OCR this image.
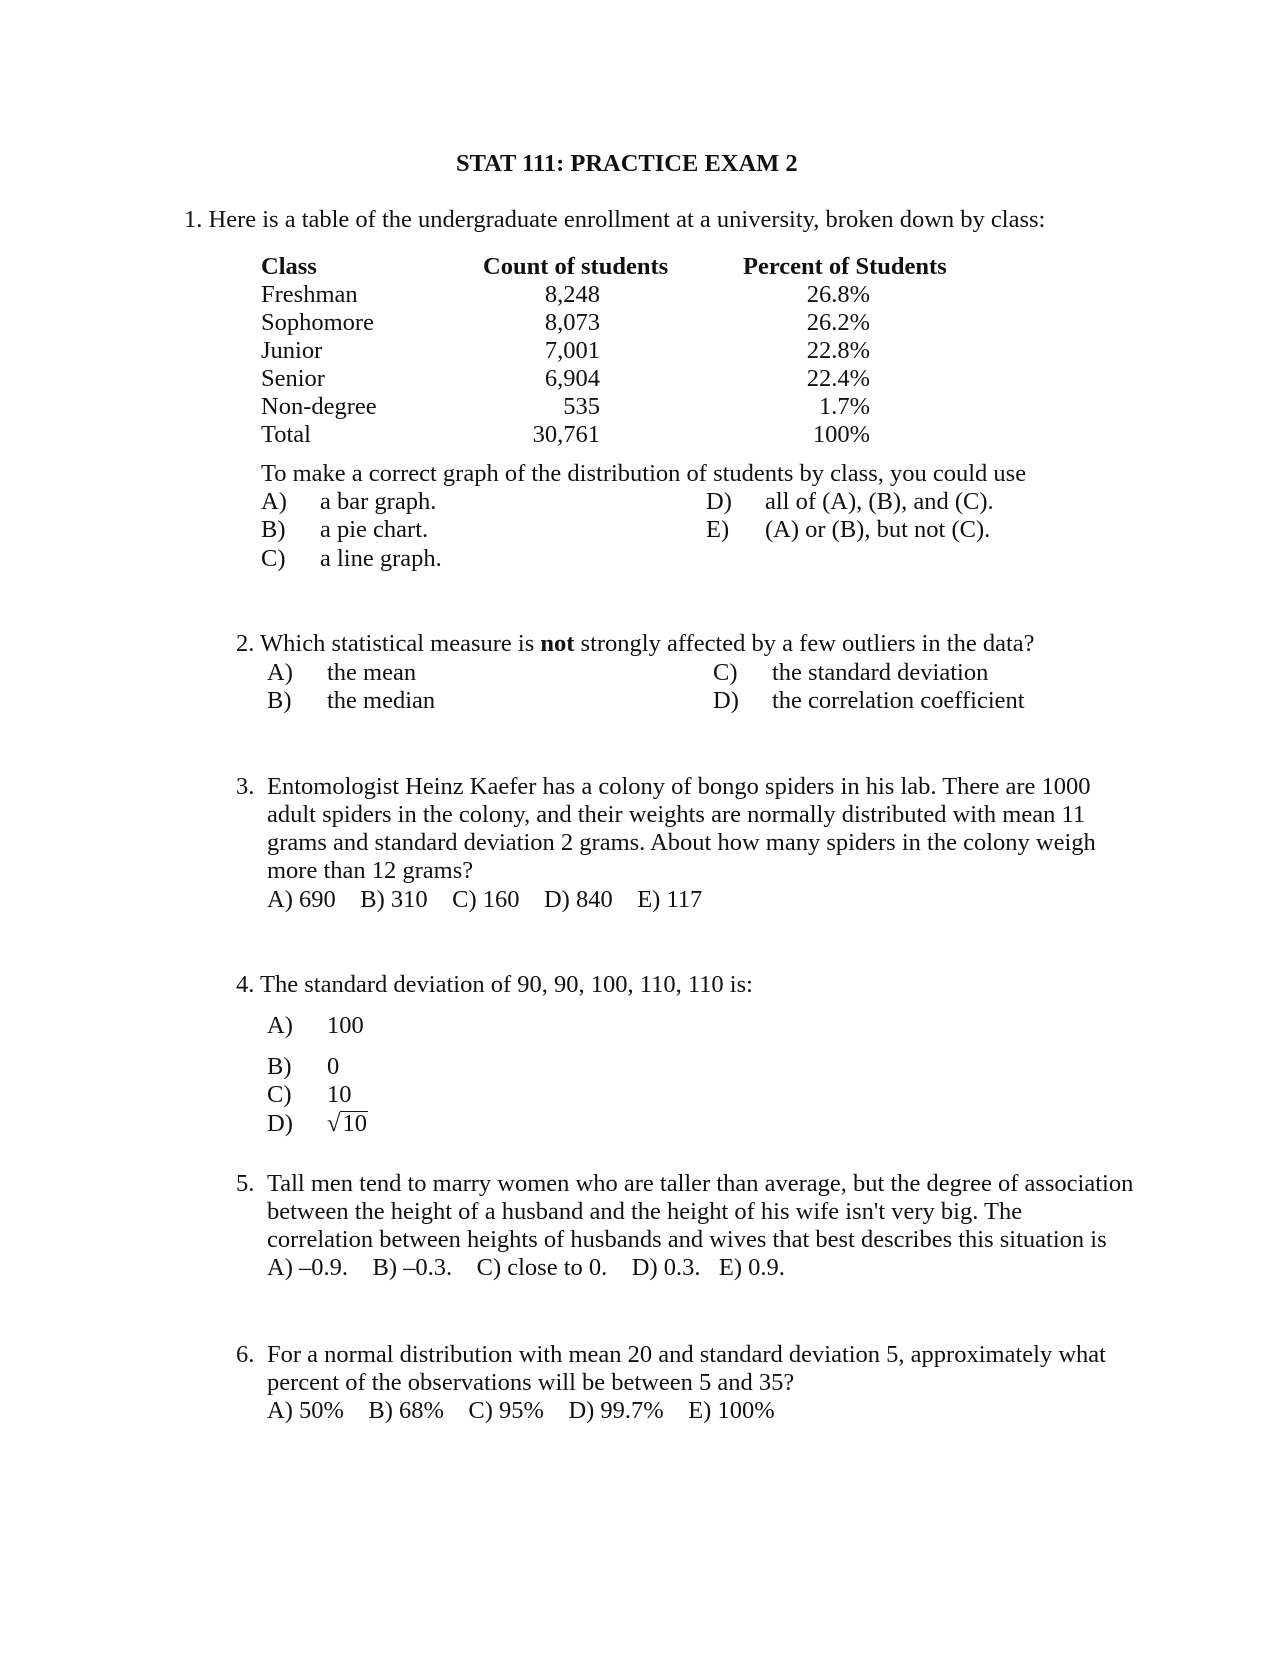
STAT 111: PRACTICE EXAM 2
1. Here is a table of the undergraduate enrollment at a university, broken down by class:
Class	Count of students	Percent of Students
Freshman	8,248	26.8%
Sophomore	8,073	26.2%
Junior	7,001	22.8%
Senior	6,904	22.4%
Non-degree	535	1.7%
Total	30,761	100%
To make a correct graph of the distribution of students by class, you could use
A) a bar graph.
B) a pie chart.
C) a line graph.
D) all of (A), (B), and (C).
E) (A) or (B), but not (C).
2. Which statistical measure is not strongly affected by a few outliers in the data?
A) the mean
B) the median
C) the standard deviation
D) the correlation coefficient
3. Entomologist Heinz Kaefer has a colony of bongo spiders in his lab. There are 1000
adult spiders in the colony, and their weights are normally distributed with mean 11
grams and standard deviation 2 grams. About how many spiders in the colony weigh
more than 12 grams?
A) 690    B) 310    C) 160    D) 840    E) 117
4. The standard deviation of 90, 90, 100, 110, 110 is:
A) 100
B) 0
C) 10
D) √10
5. Tall men tend to marry women who are taller than average, but the degree of association
between the height of a husband and the height of his wife isn't very big. The
correlation between heights of husbands and wives that best describes this situation is
A) –0.9.    B) –0.3.    C) close to 0.    D) 0.3.   E) 0.9.
6. For a normal distribution with mean 20 and standard deviation 5, approximately what
percent of the observations will be between 5 and 35?
A) 50%    B) 68%    C) 95%    D) 99.7%    E) 100%
